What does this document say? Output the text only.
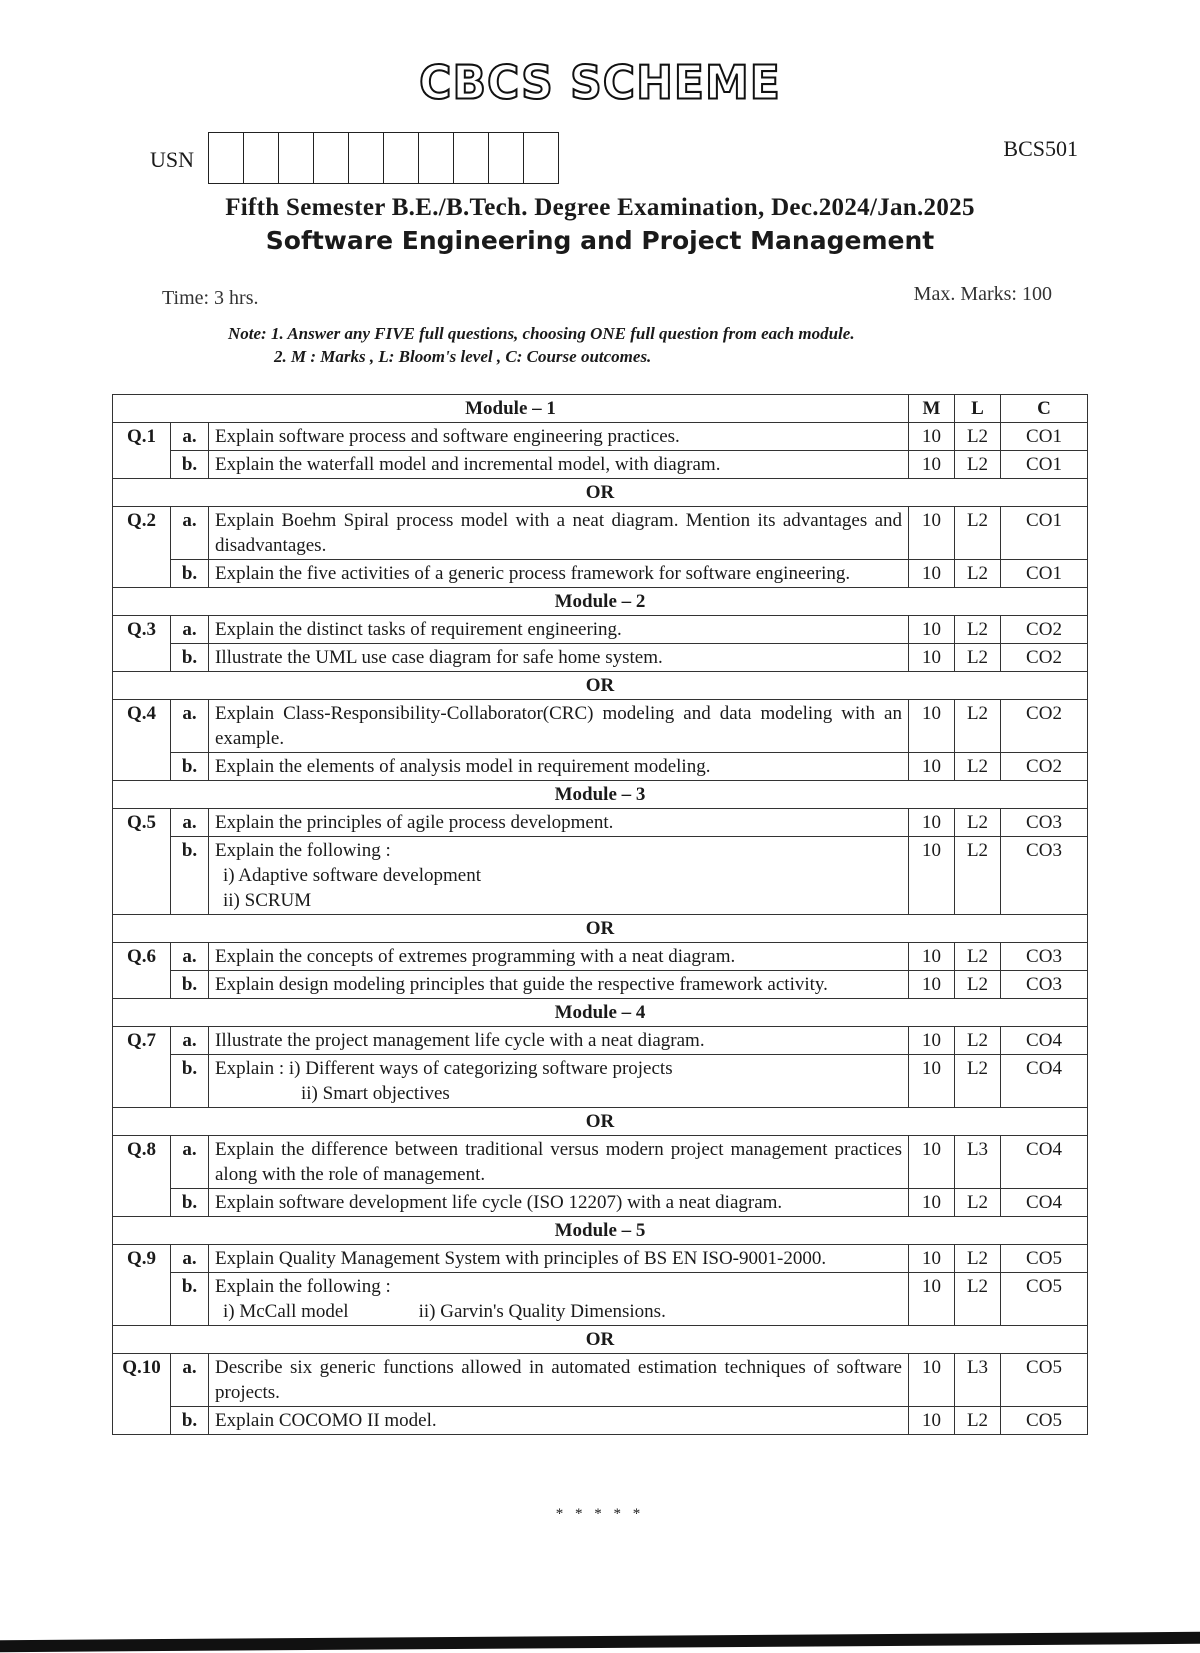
CBCS SCHEME
USN	BCS501
Fifth Semester B.E./B.Tech. Degree Examination, Dec.2024/Jan.2025
Software Engineering and Project Management
Time: 3 hrs.	Max. Marks: 100
Note: 1. Answer any FIVE full questions, choosing ONE full question from each module.
2. M : Marks , L: Bloom's level , C: Course outcomes.
Module – 1			M	L	C
Q.1	a.	Explain software process and software engineering practices.	10	L2	CO1
	b.	Explain the waterfall model and incremental model, with diagram.	10	L2	CO1
OR					
Q.2	a.	Explain Boehm Spiral process model with a neat diagram. Mention its advantages and disadvantages.	10	L2	CO1
	b.	Explain the five activities of a generic process framework for software engineering.	10	L2	CO1
Module – 2					
Q.3	a.	Explain the distinct tasks of requirement engineering.	10	L2	CO2
	b.	Illustrate the UML use case diagram for safe home system.	10	L2	CO2
OR					
Q.4	a.	Explain Class-Responsibility-Collaborator(CRC) modeling and data modeling with an example.	10	L2	CO2
	b.	Explain the elements of analysis model in requirement modeling.	10	L2	CO2
Module – 3					
Q.5	a.	Explain the principles of agile process development.	10	L2	CO3
	b.	Explain the following :
i) Adaptive software development
ii) SCRUM	10	L2	CO3
OR					
Q.6	a.	Explain the concepts of extremes programming with a neat diagram.	10	L2	CO3
	b.	Explain design modeling principles that guide the respective framework activity.	10	L2	CO3
Module – 4					
Q.7	a.	Illustrate the project management life cycle with a neat diagram.	10	L2	CO4
	b.	Explain : i) Different ways of categorizing software projects
ii) Smart objectives	10	L2	CO4
OR					
Q.8	a.	Explain the difference between traditional versus modern project management practices along with the role of management.	10	L3	CO4
	b.	Explain software development life cycle (ISO 12207) with a neat diagram.	10	L2	CO4
Module – 5					
Q.9	a.	Explain Quality Management System with principles of BS EN ISO-9001-2000.	10	L2	CO5
	b.	Explain the following :
i) McCall model ii) Garvin's Quality Dimensions.	10	L2	CO5
OR					
Q.10	a.	Describe six generic functions allowed in automated estimation techniques of software projects.	10	L3	CO5
	b.	Explain COCOMO II model.	10	L2	CO5
* * * * *
